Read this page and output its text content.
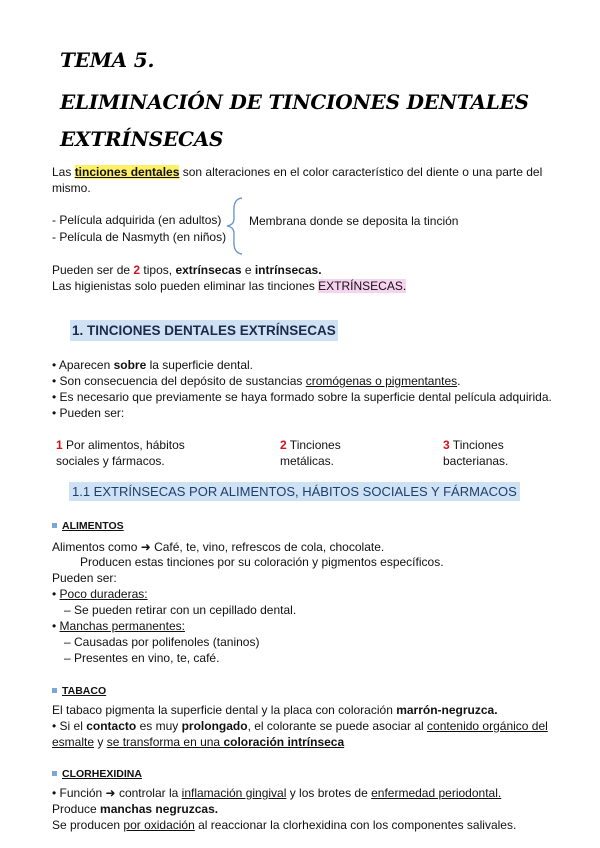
TEMA 5.
ELIMINACIÓN DE TINCIONES DENTALES
EXTRÍNSECAS
Las tinciones dentales son alteraciones en el color característico del diente o una parte del
mismo.
- Película adquirida (en adultos)
- Película de Nasmyth (en niños)
Membrana donde se deposita la tinción
Pueden ser de 2 tipos, extrínsecas e intrínsecas.
Las higienistas solo pueden eliminar las tinciones EXTRÍNSECAS.
1. TINCIONES DENTALES EXTRÍNSECAS
• Aparecen sobre la superficie dental.
• Son consecuencia del depósito de sustancias cromógenas o pigmentantes.
• Es necesario que previamente se haya formado sobre la superficie dental película adquirida.
• Pueden ser:
1 Por alimentos, hábitos
sociales y fármacos.
2 Tinciones
metálicas.
3 Tinciones
bacterianas.
1.1 EXTRÍNSECAS POR ALIMENTOS, HÁBITOS SOCIALES Y FÁRMACOS
ALIMENTOS
Alimentos como ➜ Café, te, vino, refrescos de cola, chocolate.
Producen estas tinciones por su coloración y pigmentos específicos.
Pueden ser:
• Poco duraderas:
– Se pueden retirar con un cepillado dental.
• Manchas permanentes:
– Causadas por polifenoles (taninos)
– Presentes en vino, te, café.
TABACO
El tabaco pigmenta la superficie dental y la placa con coloración marrón-negruzca.
• Si el contacto es muy prolongado, el colorante se puede asociar al contenido orgánico del
esmalte y se transforma en una coloración intrínseca
CLORHEXIDINA
• Función ➜ controlar la inflamación gingival y los brotes de enfermedad periodontal.
Produce manchas negruzcas.
Se producen por oxidación al reaccionar la clorhexidina con los componentes salivales.
